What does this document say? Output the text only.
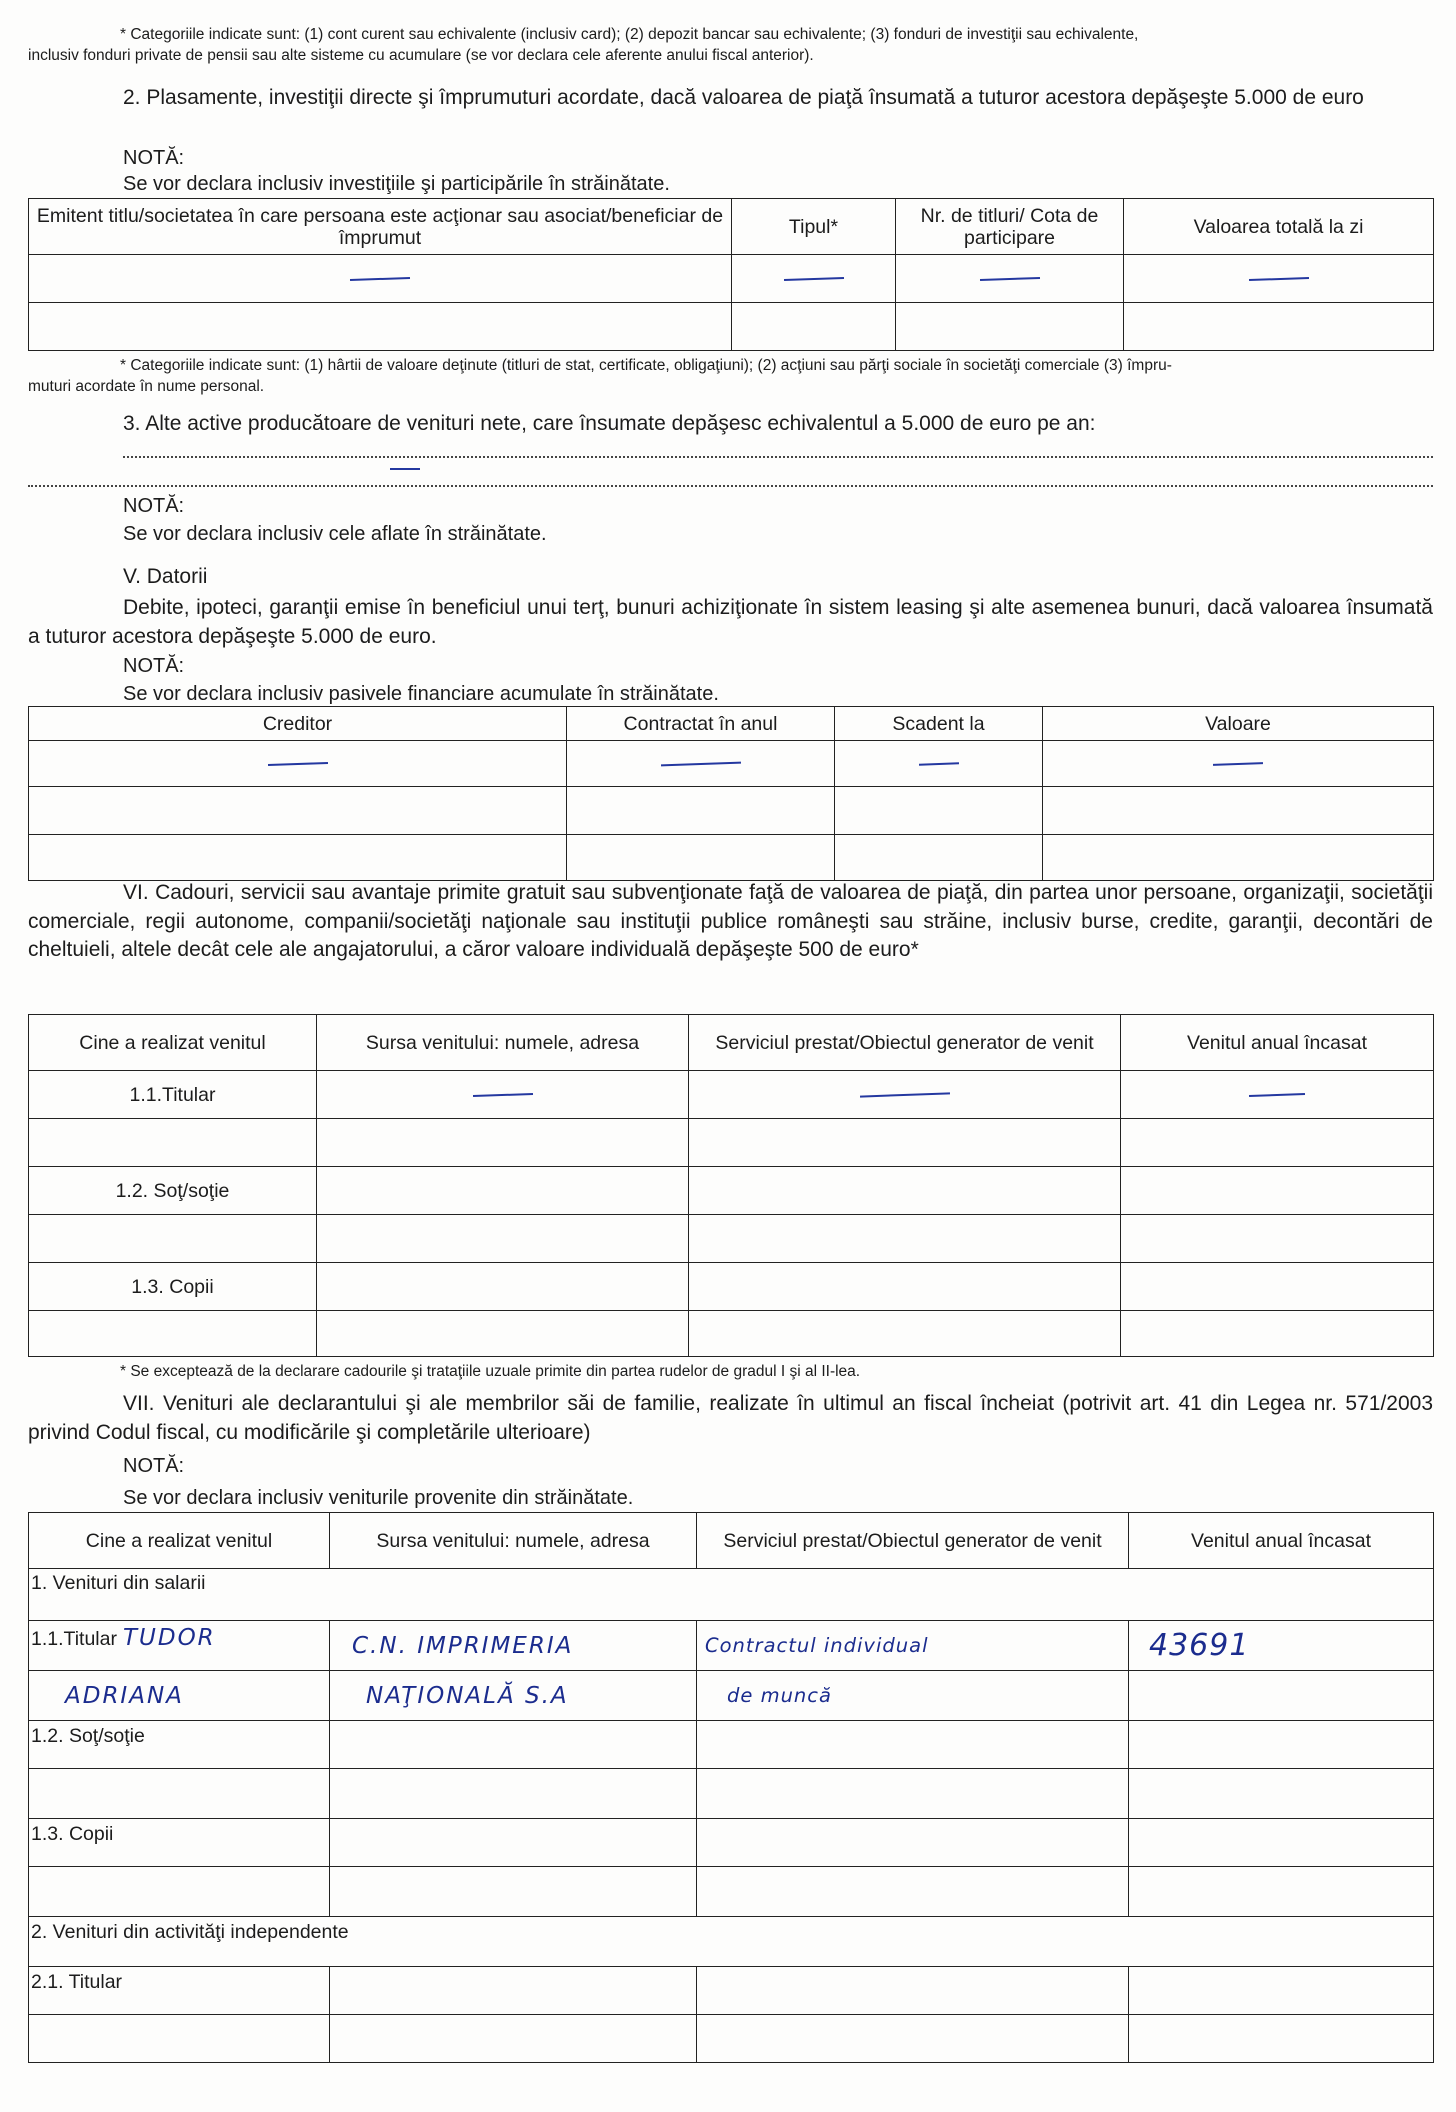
* Categoriile indicate sunt: (1) cont curent sau echivalente (inclusiv card); (2) depozit bancar sau echivalente; (3) fonduri de investiţii sau echivalente,
inclusiv fonduri private de pensii sau alte sisteme cu acumulare (se vor declara cele aferente anului fiscal anterior).

2. Plasamente, investiţii directe şi împrumuturi acordate, dacă valoarea de piaţă însumată a tuturor acestora depăşeşte 5.000 de euro

NOTĂ:

Se vor declara inclusiv investiţiile şi participările în străinătate.

Emitent titlu/societatea în care persoana este acţionar sau asociat/beneficiar de împrumut	Tipul*	Nr. de titluri/ Cota de participare	Valoarea totală la zi

* Categoriile indicate sunt: (1) hârtii de valoare deţinute (titluri de stat, certificate, obligaţiuni); (2) acţiuni sau părţi sociale în societăţi comerciale (3) împru-
muturi acordate în nume personal.

3. Alte active producătoare de venituri nete, care însumate depăşesc echivalentul a 5.000 de euro pe an:

NOTĂ:

Se vor declara inclusiv cele aflate în străinătate.

V. Datorii

Debite, ipoteci, garanţii emise în beneficiul unui terţ, bunuri achiziţionate în sistem leasing şi alte asemenea bunuri, dacă valoarea însumată a tuturor acestora depăşeşte 5.000 de euro.

NOTĂ:

Se vor declara inclusiv pasivele financiare acumulate în străinătate.

Creditor	Contractat în anul	Scadent la	Valoare

VI. Cadouri, servicii sau avantaje primite gratuit sau subvenţionate faţă de valoarea de piaţă, din partea unor persoane, organizaţii, societăţii comerciale, regii autonome, companii/societăţi naţionale sau instituţii publice româneşti sau străine, inclusiv burse, credite, garanţii, decontări de cheltuieli, altele decât cele ale angajatorului, a căror valoare individuală depăşeşte 500 de euro*

Cine a realizat venitul	Sursa venitului: numele, adresa	Serviciul prestat/Obiectul generator de venit	Venitul anual încasat
1.1.Titular			

1.2. Soţ/soţie			

1.3. Copii			

* Se exceptează de la declarare cadourile şi trataţiile uzuale primite din partea rudelor de gradul I şi al II-lea.

VII. Venituri ale declarantului şi ale membrilor săi de familie, realizate în ultimul an fiscal încheiat (potrivit art. 41 din Legea nr. 571/2003 privind Codul fiscal, cu modificările şi completările ulterioare)

NOTĂ:

Se vor declara inclusiv veniturile provenite din străinătate.

Cine a realizat venitul	Sursa venitului: numele, adresa	Serviciul prestat/Obiectul generator de venit	Venitul anual încasat
1. Venituri din salarii			
1.1.Titular TUDOR	C.N. IMPRIMERIA	Contractul individual	43691
ADRIANA	NAŢIONALĂ S.A	de muncă	
1.2. Soţ/soţie			

1.3. Copii			

2. Venituri din activităţi independente			
2.1. Titular			
